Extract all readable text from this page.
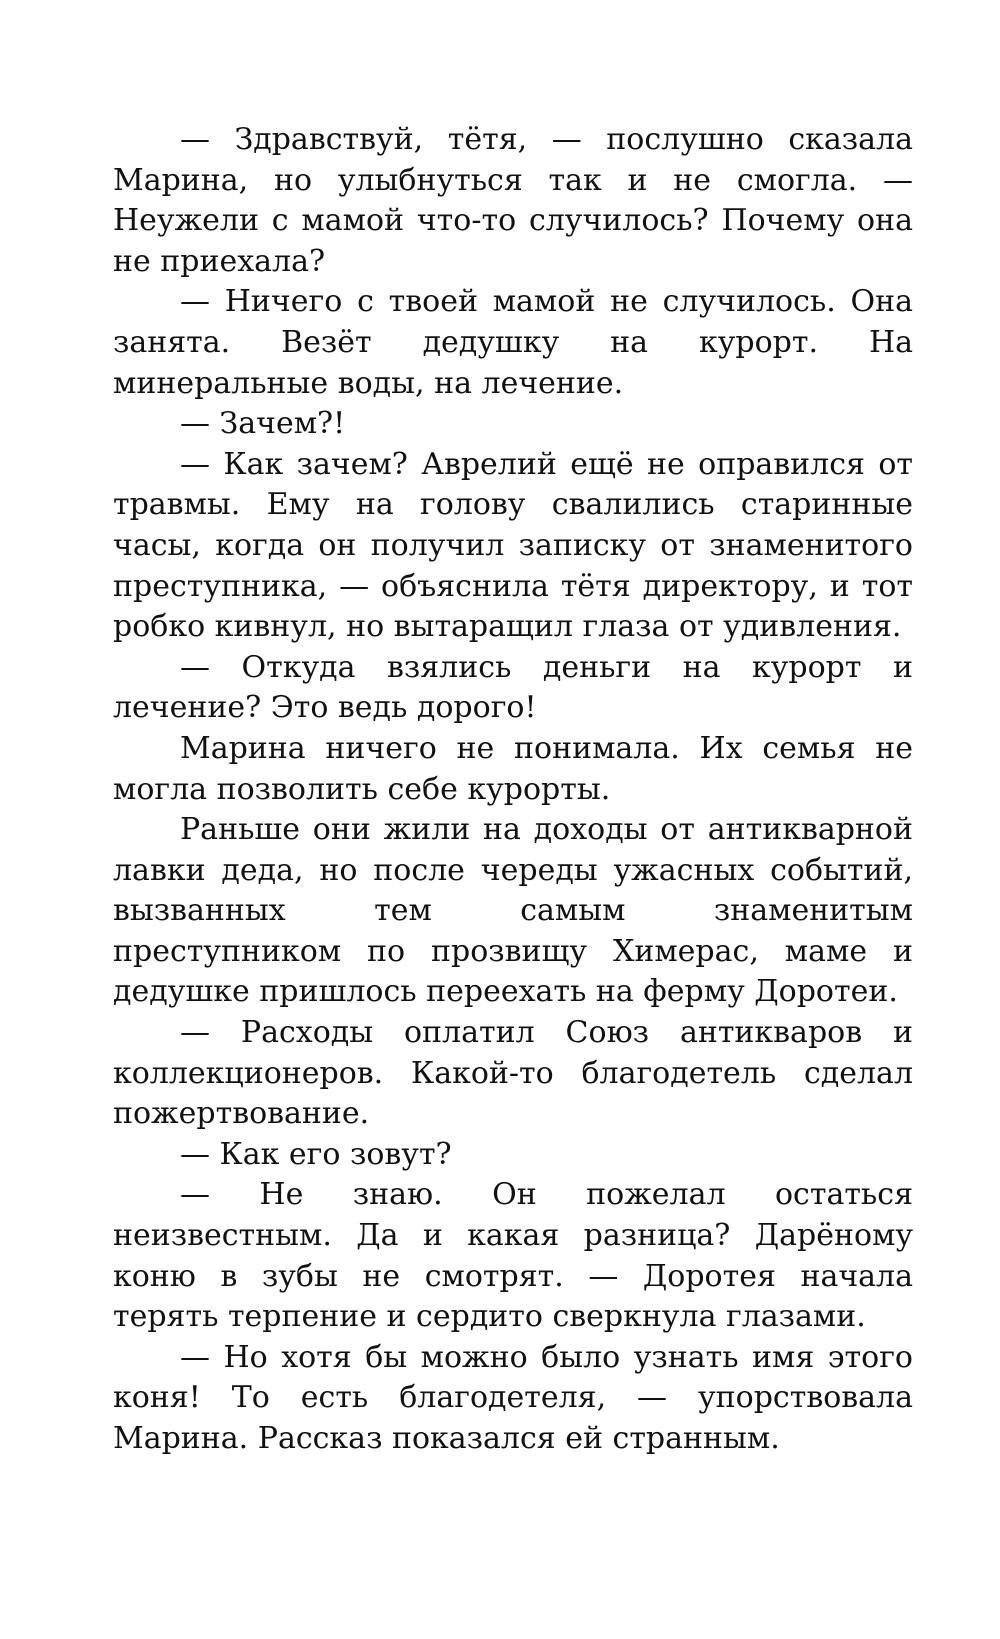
— Здравствуй, тётя, — послушно сказала Марина, но улыбнуться так и не смогла. — Неужели с мамой что-то случилось? Почему она не приехала?

— Ничего с твоей мамой не случилось. Она занята. Везёт дедушку на курорт. На минеральные воды, на лечение.

— Зачем?!

— Как зачем? Аврелий ещё не оправился от травмы. Ему на голову свалились старинные часы, когда он получил записку от знаменитого преступника, — объяснила тётя директору, и тот робко кивнул, но вытаращил глаза от удивления.

— Откуда взялись деньги на курорт и лечение? Это ведь дорого!

Марина ничего не понимала. Их семья не могла позволить себе курорты.

Раньше они жили на доходы от антикварной лавки деда, но после череды ужасных событий, вызванных тем самым знаменитым преступником по прозвищу Химерас, маме и дедушке пришлось переехать на ферму Доротеи.

— Расходы оплатил Союз антикваров и коллекционеров. Какой-то благодетель сделал пожертвование.

— Как его зовут?

— Не знаю. Он пожелал остаться неизвестным. Да и какая разница? Дарёному коню в зубы не смотрят. — Доротея начала терять терпение и сердито сверкнула глазами.

— Но хотя бы можно было узнать имя этого коня! То есть благодетеля, — упорствовала Марина. Рассказ показался ей странным.
